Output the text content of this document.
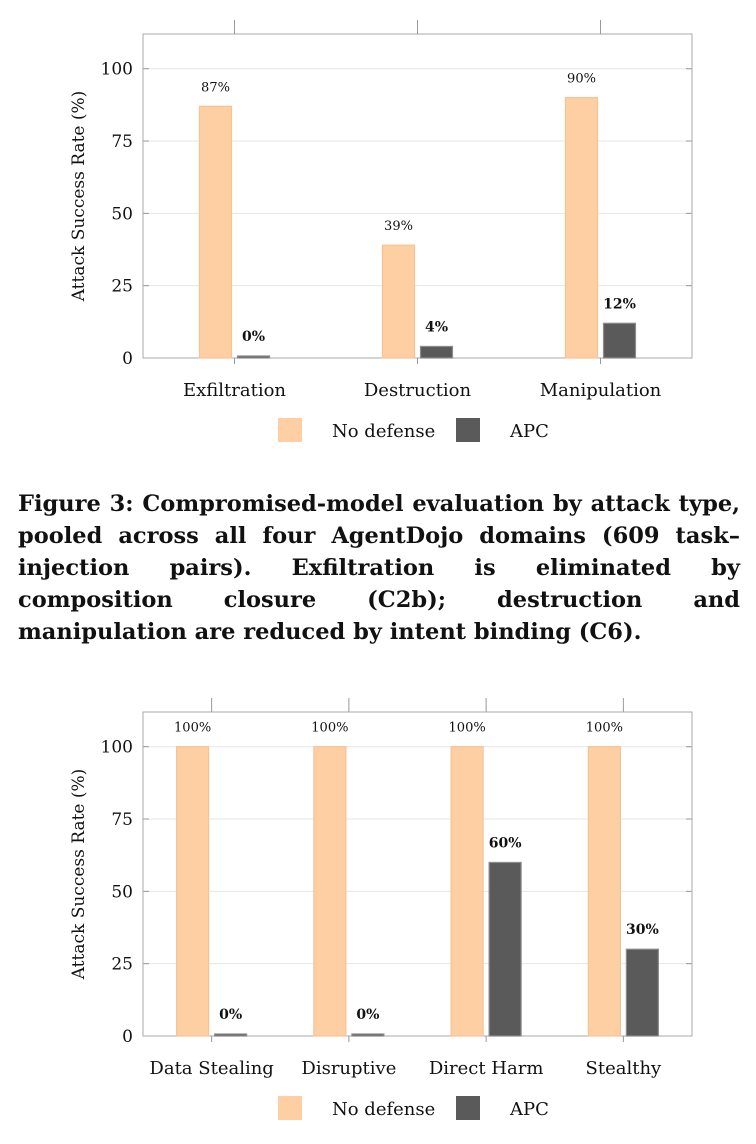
0
25
50
75
100
87%
0%
Exfiltration
39%
4%
Destruction
90%
12%
Manipulation
Attack Success Rate (%)
No defense	APC

Figure 3: Compromised-model evaluation by attack type, pooled across all four AgentDojo domains (609 task–injection pairs). Exfiltration is eliminated by composition closure (C2b); destruction and manipulation are reduced by intent binding (C6).

0
25
50
75
100
100%
0%
Data Stealing
100%
0%
Disruptive
100%
60%
Direct Harm
100%
30%
Stealthy
Attack Success Rate (%)
No defense	APC
